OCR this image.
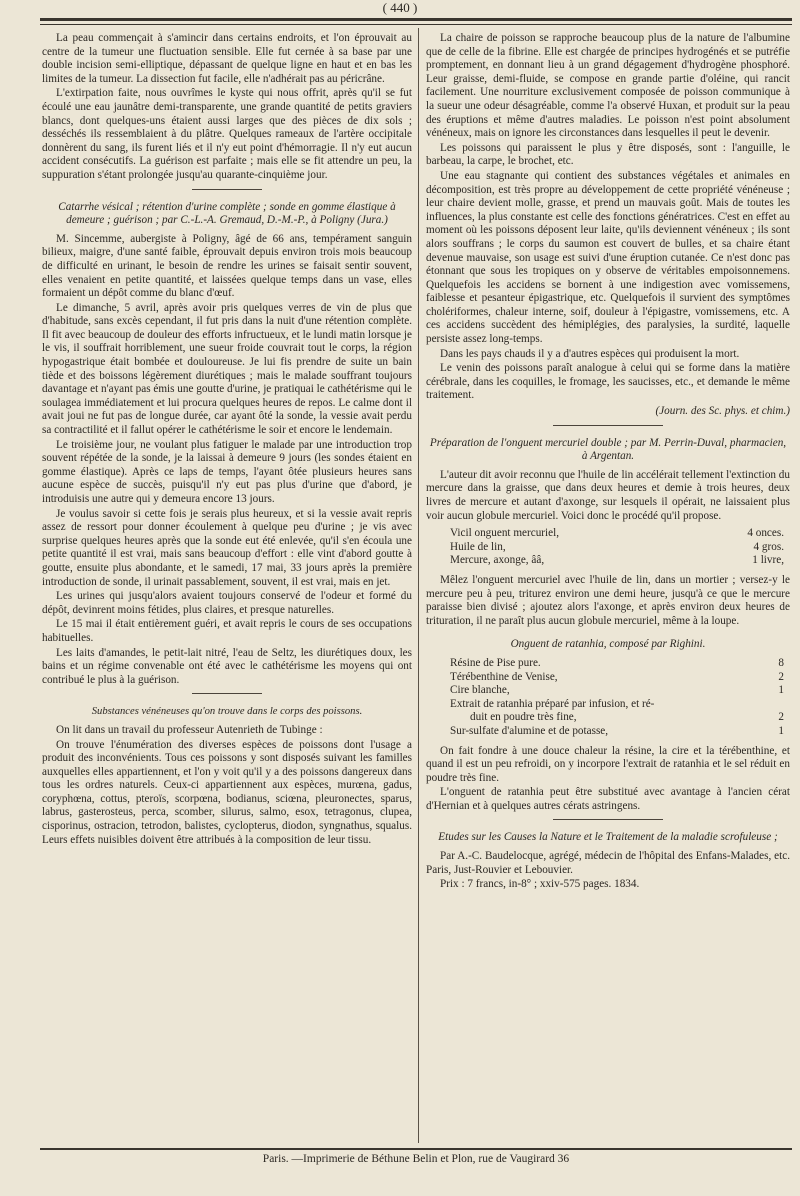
( 440 )

La peau commençait à s'amincir dans certains endroits, et l'on éprouvait au centre de la tumeur une fluctuation sensible. Elle fut cernée à sa base par une double incision semi-elliptique, dépassant de quelque ligne en haut et en bas les limites de la tumeur. La dissection fut facile, elle n'adhérait pas au péricrâne.

L'extirpation faite, nous ouvrîmes le kyste qui nous offrit, après qu'il se fut écoulé une eau jaunâtre demi-transparente, une grande quantité de petits graviers blancs, dont quelques-uns étaient aussi larges que des pièces de dix sols ; desséchés ils ressemblaient à du plâtre. Quelques rameaux de l'artère occipitale donnèrent du sang, ils furent liés et il n'y eut point d'hémorragie. Il n'y eut aucun accident consécutifs. La guérison est parfaite ; mais elle se fit attendre un peu, la suppuration s'étant prolongée jusqu'au quarante-cinquième jour.

Catarrhe vésical ; rétention d'urine complète ; sonde en gomme élastique à demeure ; guérison ; par C.-L.-A. Gremaud, D.-M.-P., à Poligny (Jura.)

M. Sincemme, aubergiste à Poligny, âgé de 66 ans, tempérament sanguin bilieux, maigre, d'une santé faible, éprouvait depuis environ trois mois beaucoup de difficulté en urinant, le besoin de rendre les urines se faisait sentir souvent, elles venaient en petite quantité, et laissées quelque temps dans un vase, elles formaient un dépôt comme du blanc d'œuf.

Le dimanche, 5 avril, après avoir pris quelques verres de vin de plus que d'habitude, sans excès cependant, il fut pris dans la nuit d'une rétention complète. Il fit avec beaucoup de douleur des efforts infructueux, et le lundi matin lorsque je le vis, il souffrait horriblement, une sueur froide couvrait tout le corps, la région hypogastrique était bombée et douloureuse. Je lui fis prendre de suite un bain tiède et des boissons légèrement diurétiques ; mais le malade souffrant toujours davantage et n'ayant pas émis une goutte d'urine, je pratiquai le cathétérisme qui le soulagea immédiatement et lui procura quelques heures de repos. Le calme dont il avait joui ne fut pas de longue durée, car ayant ôté la sonde, la vessie avait perdu sa contractilité et il fallut opérer le cathétérisme le soir et encore le lendemain.

Le troisième jour, ne voulant plus fatiguer le malade par une introduction trop souvent répétée de la sonde, je la laissai à demeure 9 jours (les sondes étaient en gomme élastique). Après ce laps de temps, l'ayant ôtée plusieurs heures sans aucune espèce de succès, puisqu'il n'y eut pas plus d'urine que d'abord, je introduisis une autre qui y demeura encore 13 jours.

Je voulus savoir si cette fois je serais plus heureux, et si la vessie avait repris assez de ressort pour donner écoulement à quelque peu d'urine ; je vis avec surprise quelques heures après que la sonde eut été enlevée, qu'il s'en écoula une petite quantité il est vrai, mais sans beaucoup d'effort : elle vint d'abord goutte à goutte, ensuite plus abondante, et le samedi, 17 mai, 33 jours après la première introduction de sonde, il urinait passablement, souvent, il est vrai, mais en jet.

Les urines qui jusqu'alors avaient toujours conservé de l'odeur et formé du dépôt, devinrent moins fétides, plus claires, et presque naturelles.

Le 15 mai il était entièrement guéri, et avait repris le cours de ses occupations habituelles.

Les laits d'amandes, le petit-lait nitré, l'eau de Seltz, les diurétiques doux, les bains et un régime convenable ont été avec le cathétérisme les moyens qui ont contribué le plus à la guérison.

Substances vénéneuses qu'on trouve dans le corps des poissons.

On lit dans un travail du professeur Autenrieth de Tubinge :

On trouve l'énumération des diverses espèces de poissons dont l'usage a produit des inconvénients. Tous ces poissons y sont disposés suivant les familles auxquelles elles appartiennent, et l'on y voit qu'il y a des poissons dangereux dans tous les ordres naturels. Ceux-ci appartiennent aux espèces, murœna, gadus, coryphœna, cottus, pteroïs, scorpœna, bodianus, sciœna, pleuronectes, sparus, labrus, gasterosteus, perca, scomber, silurus, salmo, esox, tetragonus, clupea, cisporinus, ostracion, tetrodon, balistes, cyclopterus, diodon, syngnathus, squalus. Leurs effets nuisibles doivent être attribués à la composition de leur tissu.

La chaire de poisson se rapproche beaucoup plus de la nature de l'albumine que de celle de la fibrine. Elle est chargée de principes hydrogénés et se putréfie promptement, en donnant lieu à un grand dégagement d'hydrogène phosphoré. Leur graisse, demi-fluide, se compose en grande partie d'oléine, qui rancit facilement. Une nourriture exclusivement composée de poisson communique à la sueur une odeur désagréable, comme l'a observé Huxan, et produit sur la peau des éruptions et même d'autres maladies. Le poisson n'est point absolument vénéneux, mais on ignore les circonstances dans lesquelles il peut le devenir.

Les poissons qui paraissent le plus y être disposés, sont : l'anguille, le barbeau, la carpe, le brochet, etc.

Une eau stagnante qui contient des substances végétales et animales en décomposition, est très propre au développement de cette propriété vénéneuse ; leur chaire devient molle, grasse, et prend un mauvais goût. Mais de toutes les influences, la plus constante est celle des fonctions génératrices. C'est en effet au moment où les poissons déposent leur laite, qu'ils deviennent vénéneux ; ils sont alors souffrans ; le corps du saumon est couvert de bulles, et sa chaire étant devenue mauvaise, son usage est suivi d'une éruption cutanée. Ce n'est donc pas étonnant que sous les tropiques on y observe de véritables empoisonnemens. Quelquefois les accidens se bornent à une indigestion avec vomissemens, faiblesse et pesanteur épigastrique, etc. Quelquefois il survient des symptômes cholériformes, chaleur interne, soif, douleur à l'épigastre, vomissemens, etc. A ces accidens succèdent des hémiplégies, des paralysies, la surdité, laquelle persiste assez long-temps.

Dans les pays chauds il y a d'autres espèces qui produisent la mort.

Le venin des poissons paraît analogue à celui qui se forme dans la matière cérébrale, dans les coquilles, le fromage, les saucisses, etc., et demande le même traitement.

(Journ. des Sc. phys. et chim.)

Préparation de l'onguent mercuriel double ; par M. Perrin-Duval, pharmacien, à Argentan.

L'auteur dit avoir reconnu que l'huile de lin accélérait tellement l'extinction du mercure dans la graisse, que dans deux heures et demie à trois heures, deux livres de mercure et autant d'axonge, sur lesquels il opérait, ne laissaient plus voir aucun globule mercuriel. Voici donc le procédé qu'il propose.

Vicil onguent mercuriel,	4 onces.
Huile de lin,	4 gros.
Mercure, axonge, ââ,	1 livre,

Mêlez l'onguent mercuriel avec l'huile de lin, dans un mortier ; versez-y le mercure peu à peu, triturez environ une demi heure, jusqu'à ce que le mercure paraisse bien divisé ; ajoutez alors l'axonge, et après environ deux heures de trituration, il ne paraît plus aucun globule mercuriel, même à la loupe.

Onguent de ratanhia, composé par Righini.

Résine de Pise pure.	8
Térébenthine de Venise,	2
Cire blanche,	1
Extrait de ratanhia préparé par infusion, et ré-
duit en poudre très fine,	2
Sur-sulfate d'alumine et de potasse,	1

On fait fondre à une douce chaleur la résine, la cire et la térébenthine, et quand il est un peu refroidi, on y incorpore l'extrait de ratanhia et le sel réduit en poudre très fine.

L'onguent de ratanhia peut être substitué avec avantage à l'ancien cérat d'Hernian et à quelques autres cérats astringens.

Etudes sur les Causes la Nature et le Traitement de la maladie scrofuleuse ;

Par A.-C. Baudelocque, agrégé, médecin de l'hôpital des Enfans-Malades, etc. Paris, Just-Rouvier et Lebouvier.

Prix : 7 francs, in-8° ; xxiv-575 pages. 1834.

Paris. —Imprimerie de Béthune Belin et Plon, rue de Vaugirard 36
